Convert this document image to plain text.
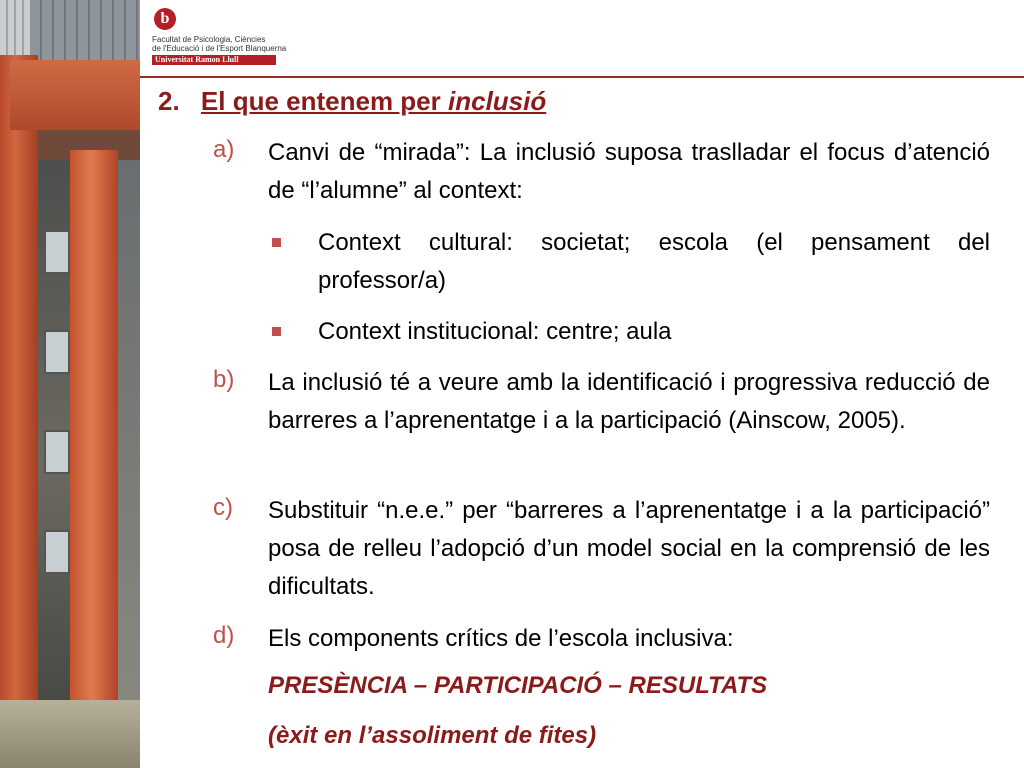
b
Facultat de Psicologia, Ciències
de l'Educació i de l'Esport Blanquerna
Universitat Ramon Llull
2. El que entenem per inclusió
a) Canvi de “mirada”: La inclusió suposa traslladar el focus d’atenció de “l’alumne” al context:
Context cultural: societat; escola (el pensament del professor/a)
Context institucional: centre; aula
b) La inclusió té a veure amb la identificació i progressiva reducció de barreres a l’aprenentatge i a la participació (Ainscow, 2005).
c) Substituir “n.e.e.” per “barreres a l’aprenentatge i a la participació” posa de relleu l’adopció d’un model social en la comprensió de les dificultats.
d) Els components crítics de l’escola inclusiva:
PRESÈNCIA – PARTICIPACIÓ – RESULTATS
(èxit en l’assoliment de fites)
